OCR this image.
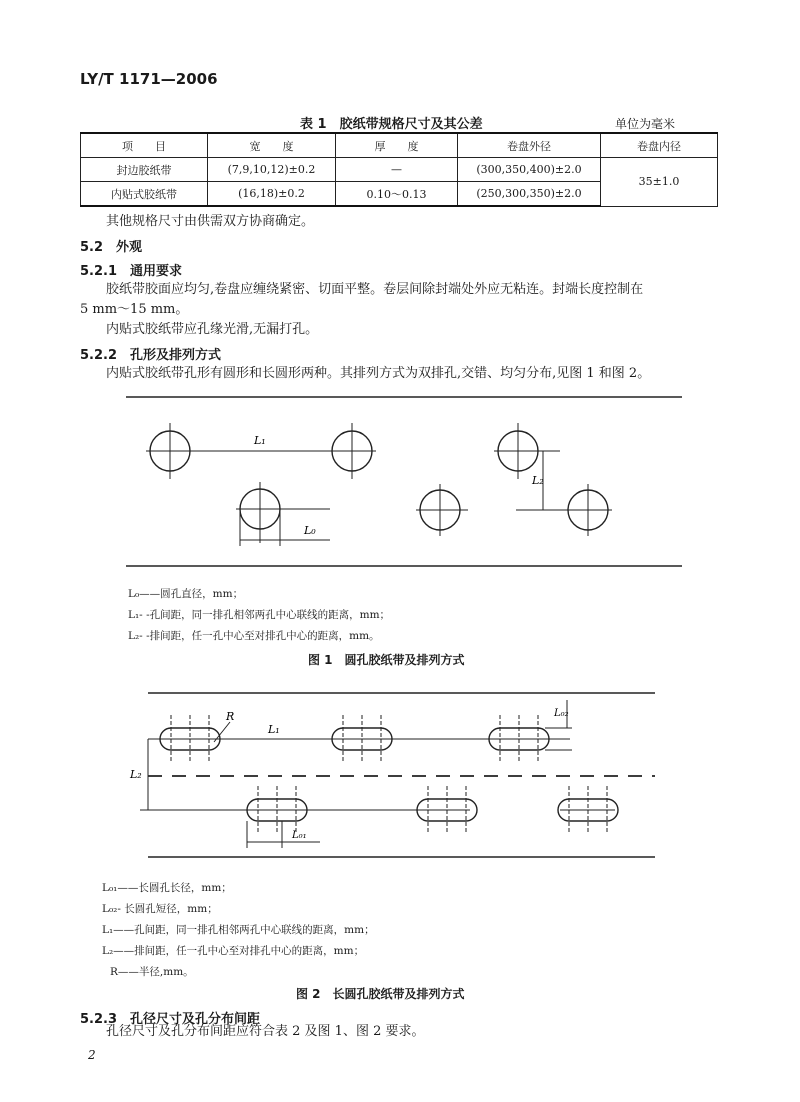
LY/T 1171—2006
表 1　胶纸带规格尺寸及其公差	单位为毫米
项　　目	宽　　度	厚　　度	卷盘外径	卷盘内径
封边胶纸带	(7,9,10,12)±0.2	—	(300,350,400)±2.0	35±1.0
内贴式胶纸带	(16,18)±0.2	0.10～0.13	(250,300,350)±2.0	
其他规格尺寸由供需双方协商确定。
5.2　外观
5.2.1　通用要求
胶纸带胶面应均匀,卷盘应缠绕紧密、切面平整。卷层间除封端处外应无粘连。封端长度控制在
5 mm～15 mm。
内贴式胶纸带应孔缘光滑,无漏打孔。
5.2.2　孔形及排列方式
内贴式胶纸带孔形有圆形和长圆形两种。其排列方式为双排孔,交错、均匀分布,见图 1 和图 2。
L₁
L₀
L₂
R
L₁
L₂
L₀₂
L₀₁
L₀——圆孔直径，mm；
L₁- -孔间距，同一排孔相邻两孔中心联线的距离，mm；
L₂- -排间距，任一孔中心至对排孔中心的距离，mm。
图 1　圆孔胶纸带及排列方式
L₀₁——长圆孔长径，mm；
L₀₂- 长圆孔短径，mm；
L₁——孔间距，同一排孔相邻两孔中心联线的距离，mm；
L₂——排间距，任一孔中心至对排孔中心的距离，mm；
R——半径,mm。
图 2　长圆孔胶纸带及排列方式
5.2.3　孔径尺寸及孔分布间距
孔径尺寸及孔分布间距应符合表 2 及图 1、图 2 要求。
2
